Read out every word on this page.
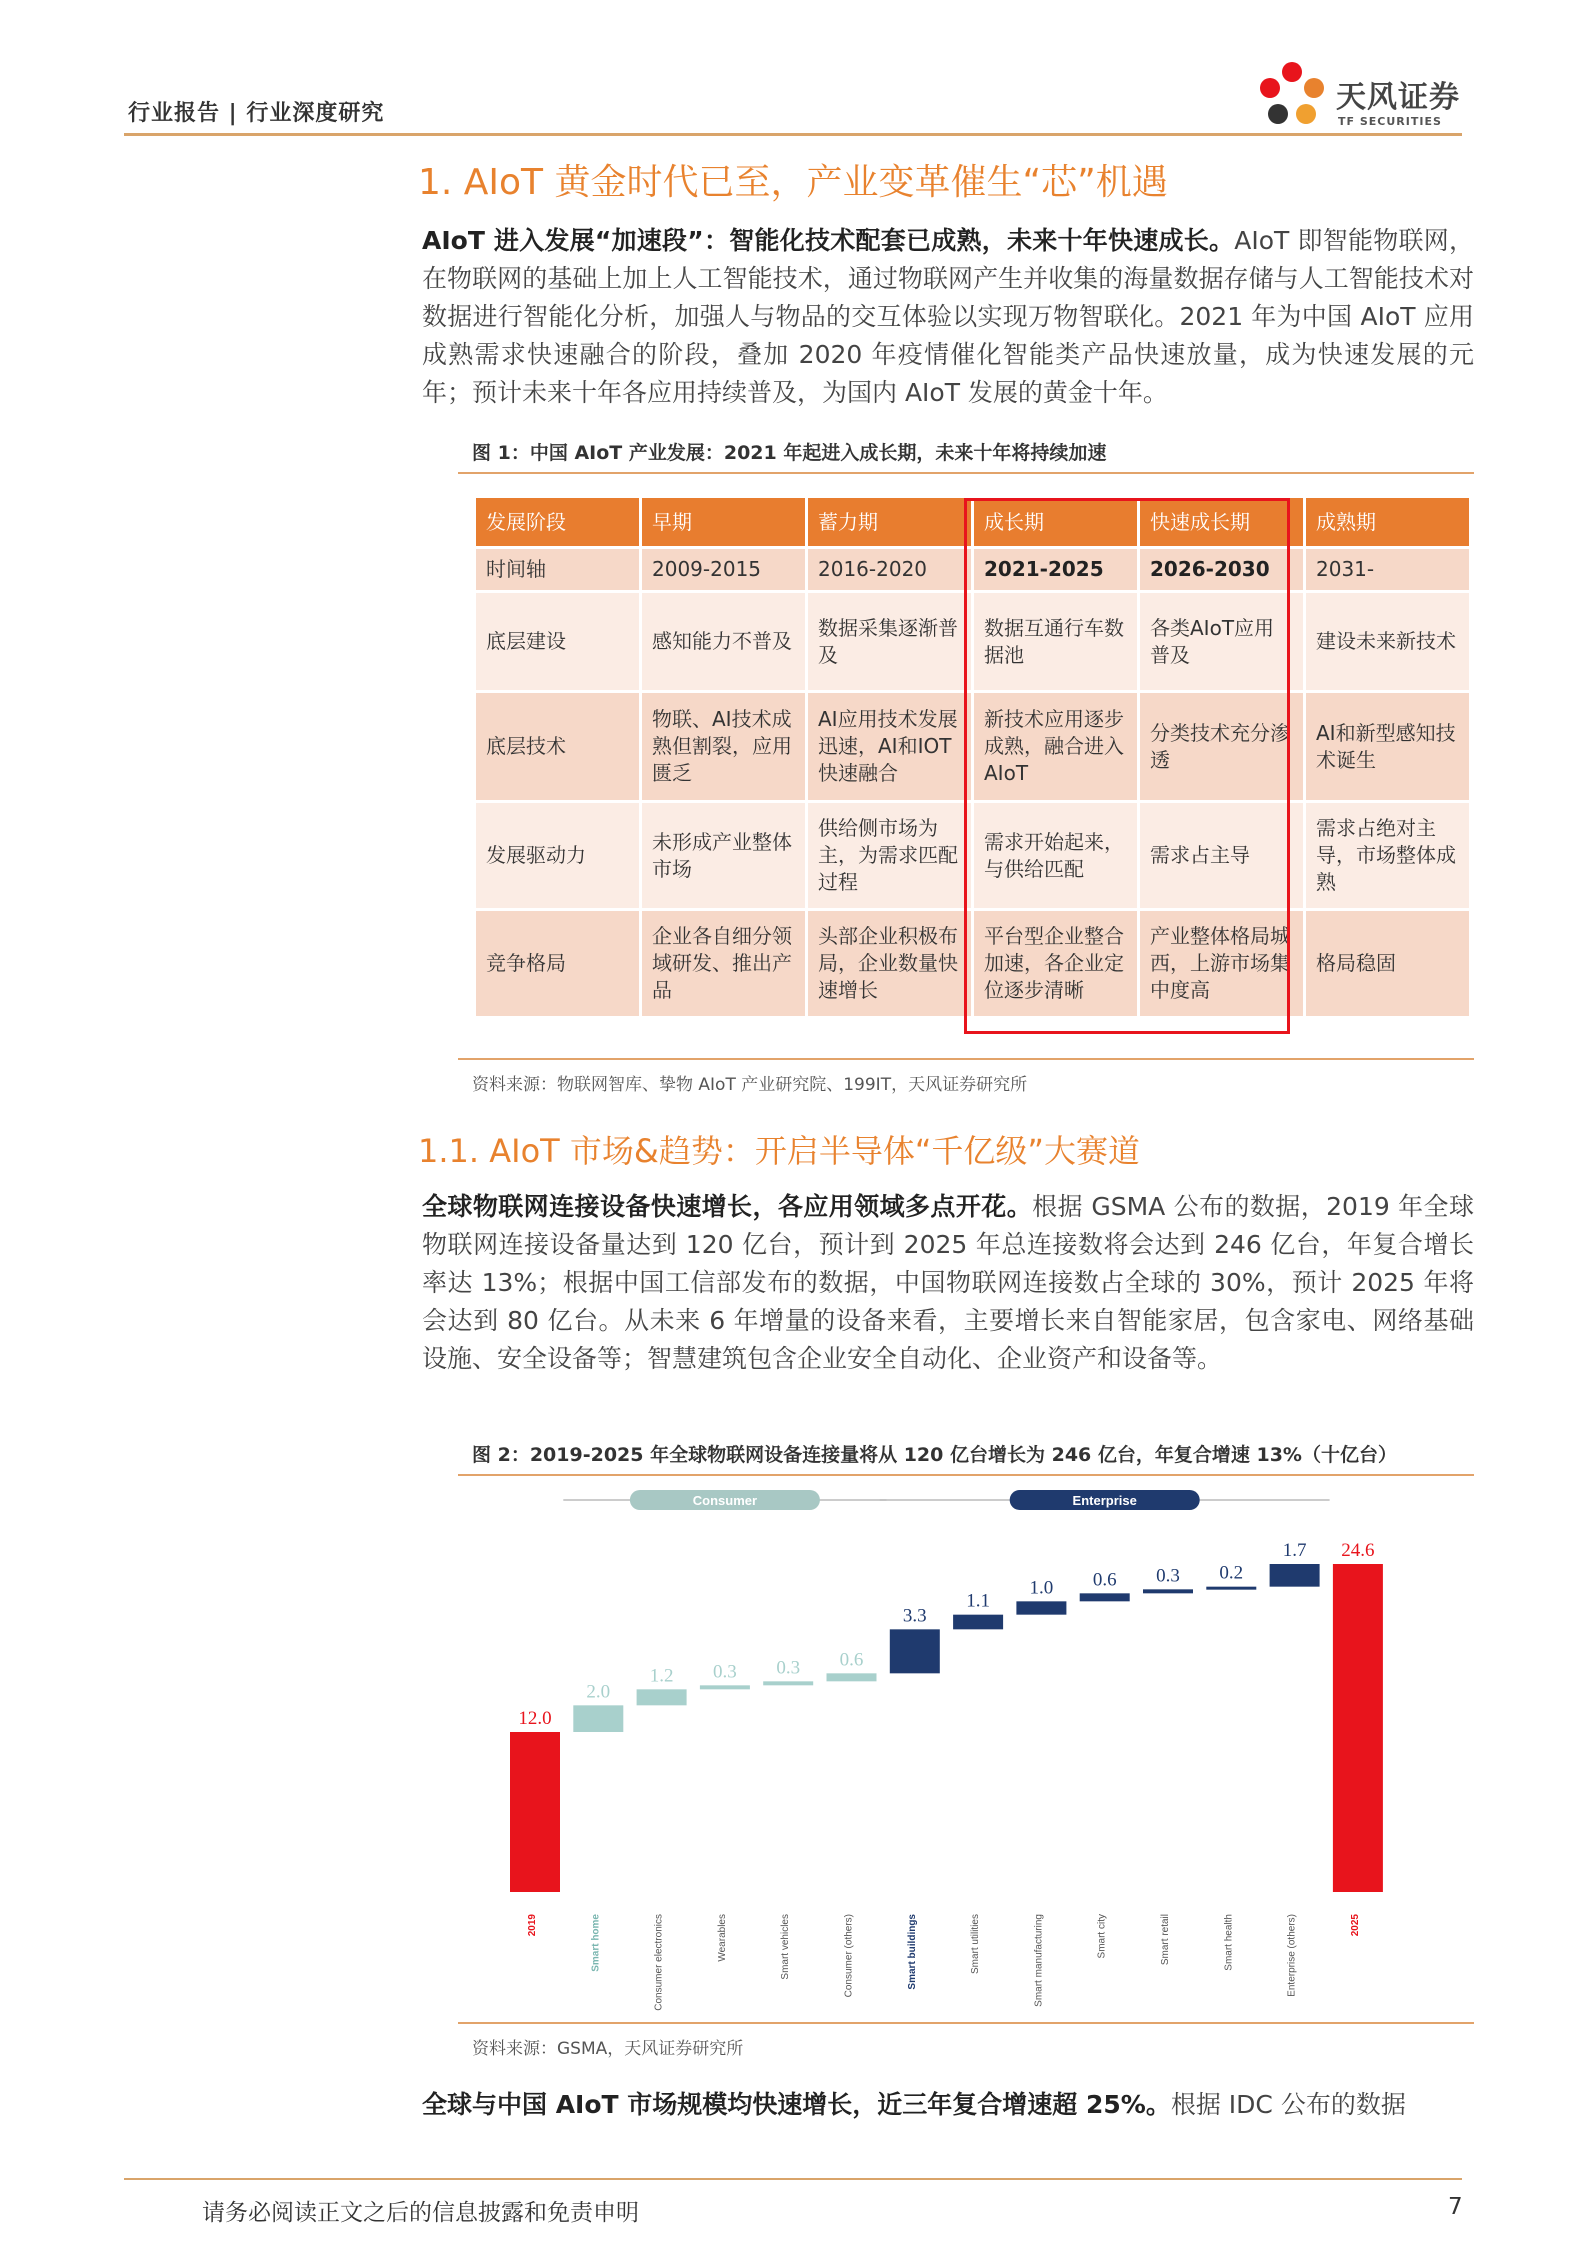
行业报告 | 行业深度研究	天风证券
TF SECURITIES
1. AIoT 黄金时代已至，产业变革催生“芯”机遇
AIoT 进入发展“加速段”：智能化技术配套已成熟，未来十年快速成长。AIoT 即智能物联网，在物联网的基础上加上人工智能技术，通过物联网产生并收集的海量数据存储与人工智能技术对数据进行智能化分析，加强人与物品的交互体验以实现万物智联化。2021 年为中国 AIoT 应用成熟需求快速融合的阶段，叠加 2020 年疫情催化智能类产品快速放量，成为快速发展的元年；预计未来十年各应用持续普及，为国内 AIoT 发展的黄金十年。
图 1：中国 AIoT 产业发展：2021 年起进入成长期，未来十年将持续加速
发展阶段	早期	蓄力期	成长期	快速成长期	成熟期
时间轴	2009-2015	2016-2020	2021-2025	2026-2030	2031-
底层建设	感知能力不普及	数据采集逐渐普及	数据互通行车数据池	各类AIoT应用普及	建设未来新技术
底层技术	物联、AI技术成熟但割裂，应用匮乏	AI应用技术发展迅速，AI和IOT快速融合	新技术应用逐步成熟，融合进入AIoT	分类技术充分渗透	AI和新型感知技术诞生
发展驱动力	未形成产业整体市场	供给侧市场为主，为需求匹配过程	需求开始起来，与供给匹配	需求占主导	需求占绝对主导，市场整体成熟
竞争格局	企业各自细分领域研发、推出产品	头部企业积极布局，企业数量快速增长	平台型企业整合加速，各企业定位逐步清晰	产业整体格局城西，上游市场集中度高	格局稳固
资料来源：物联网智库、挚物 AIoT 产业研究院、199IT，天风证券研究所
1.1. AIoT 市场&趋势：开启半导体“千亿级”大赛道
全球物联网连接设备快速增长，各应用领域多点开花。根据 GSMA 公布的数据，2019 年全球物联网连接设备量达到 120 亿台，预计到 2025 年总连接数将会达到 246 亿台，年复合增长率达 13%；根据中国工信部发布的数据，中国物联网连接数占全球的 30%，预计 2025 年将会达到 80 亿台。从未来 6 年增量的设备来看，主要增长来自智能家居，包含家电、网络基础设施、安全设备等；智慧建筑包含企业安全自动化、企业资产和设备等。
图 2：2019-2025 年全球物联网设备连接量将从 120 亿台增长为 246 亿台，年复合增速 13%（十亿台）
Consumer	Enterprise
12.0
2019
2.0
Smart home
1.2
Consumer electronics
0.3
Wearables
0.3
Smart vehicles
0.6
Consumer (others)
3.3
Smart buildings
1.1
Smart utilities
1.0
Smart manufacturing
0.6
Smart city
0.3
Smart retail
0.2
Smart health
1.7
Enterprise (others)
24.6
2025
资料来源：GSMA，天风证券研究所
全球与中国 AIoT 市场规模均快速增长，近三年复合增速超 25%。根据 IDC 公布的数据
请务必阅读正文之后的信息披露和免责申明	7
